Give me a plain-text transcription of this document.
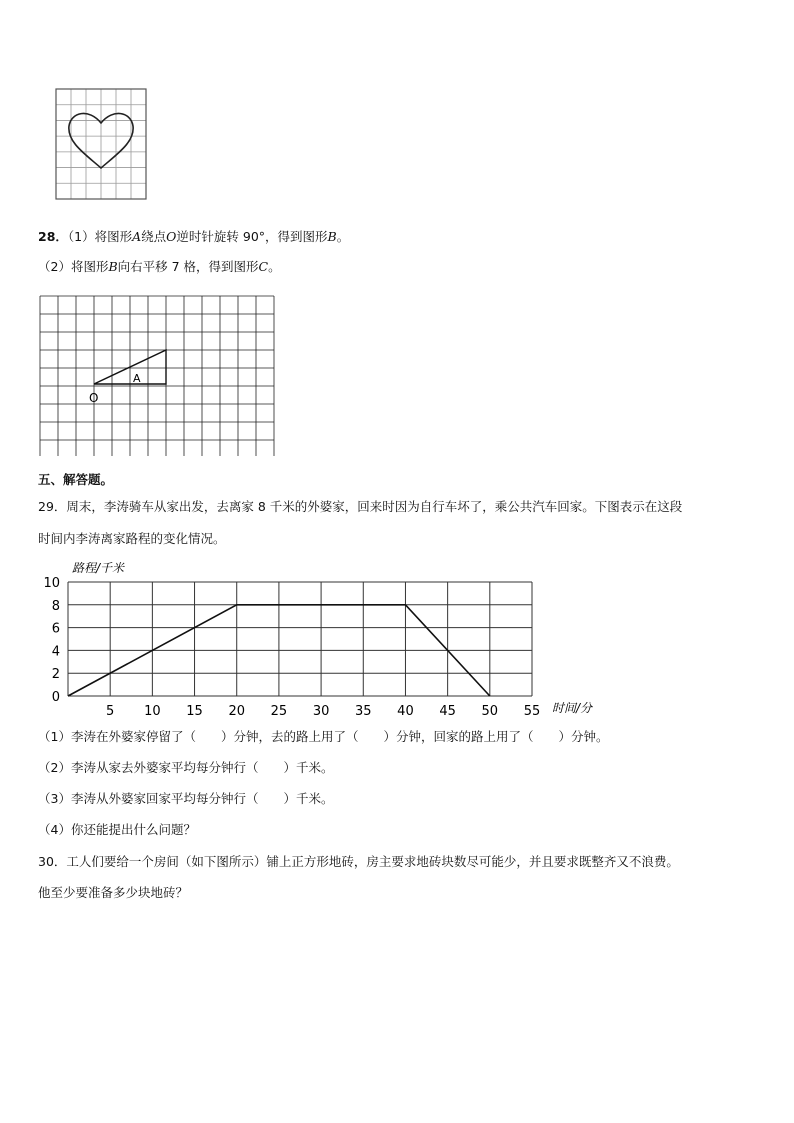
28．（1）将图形A绕点O逆时针旋转 90°，得到图形B。
（2）将图形B向右平移 7 格，得到图形C。
A
O
五、解答题。
29．周末，李涛骑车从家出发，去离家 8 千米的外婆家，回来时因为自行车坏了，乘公共汽车回家。下图表示在这段
时间内李涛离家路程的变化情况。
0
2
4
6
8
10
5 10 15 20 25 30 35 40 45 50 55
路程/千米
时间/分
（1）李涛在外婆家停留了（　　）分钟，去的路上用了（　　）分钟，回家的路上用了（　　）分钟。
（2）李涛从家去外婆家平均每分钟行（　　）千米。
（3）李涛从外婆家回家平均每分钟行（　　）千米。
（4）你还能提出什么问题？
30．工人们要给一个房间（如下图所示）铺上正方形地砖，房主要求地砖块数尽可能少，并且要求既整齐又不浪费。
他至少要准备多少块地砖？
